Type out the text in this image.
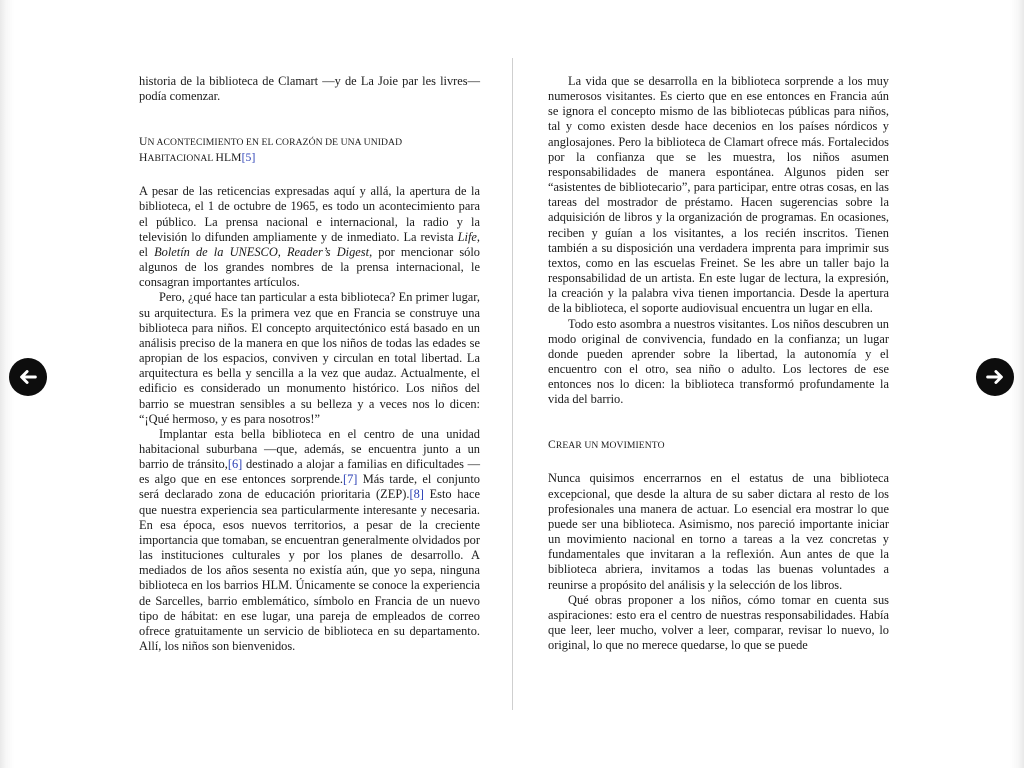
historia de la biblioteca de Clamart —y de La Joie par les livres— podía comenzar.

UN ACONTECIMIENTO EN EL CORAZÓN DE UNA UNIDAD
HABITACIONAL HLM[5]

A pesar de las reticencias expresadas aquí y allá, la apertura de la biblioteca, el 1 de octubre de 1965, es todo un acontecimiento para el público. La prensa nacional e internacional, la radio y la televisión lo difunden ampliamente y de inmediato. La revista Life, el Boletín de la UNESCO, Reader’s Digest, por mencionar sólo algunos de los grandes nombres de la prensa internacional, le consagran importantes artículos.

Pero, ¿qué hace tan particular a esta biblioteca? En primer lugar, su arquitectura. Es la primera vez que en Francia se construye una biblioteca para niños. El concepto arquitectónico está basado en un análisis preciso de la manera en que los niños de todas las edades se apropian de los espacios, conviven y circulan en total libertad. La arquitectura es bella y sencilla a la vez que audaz. Actualmente, el edificio es considerado un monumento histórico. Los niños del barrio se muestran sensibles a su belleza y a veces nos lo dicen: “¡Qué hermoso, y es para nosotros!”

Implantar esta bella biblioteca en el centro de una unidad habitacional suburbana —que, además, se encuentra junto a un barrio de tránsito,[6] destinado a alojar a familias en dificultades — es algo que en ese entonces sorprende.[7] Más tarde, el conjunto será declarado zona de educación prioritaria (ZEP).[8] Esto hace que nuestra experiencia sea particularmente interesante y necesaria. En esa época, esos nuevos territorios, a pesar de la creciente importancia que tomaban, se encuentran generalmente olvidados por las instituciones culturales y por los planes de desarrollo. A mediados de los años sesenta no existía aún, que yo sepa, ninguna biblioteca en los barrios HLM. Únicamente se conoce la experiencia de Sarcelles, barrio emblemático, símbolo en Francia de un nuevo tipo de hábitat: en ese lugar, una pareja de empleados de correo ofrece gratuitamente un servicio de biblioteca en su departamento. Allí, los niños son bienvenidos.

La vida que se desarrolla en la biblioteca sorprende a los muy numerosos visitantes. Es cierto que en ese entonces en Francia aún se ignora el concepto mismo de las bibliotecas públicas para niños, tal y como existen desde hace decenios en los países nórdicos y anglosajones. Pero la biblioteca de Clamart ofrece más. Fortalecidos por la confianza que se les muestra, los niños asumen responsabilidades de manera espontánea. Algunos piden ser “asistentes de bibliotecario”, para participar, entre otras cosas, en las tareas del mostrador de préstamo. Hacen sugerencias sobre la adquisición de libros y la organización de programas. En ocasiones, reciben y guían a los visitantes, a los recién inscritos. Tienen también a su disposición una verdadera imprenta para imprimir sus textos, como en las escuelas Freinet. Se les abre un taller bajo la responsabilidad de un artista. En este lugar de lectura, la expresión, la creación y la palabra viva tienen importancia. Desde la apertura de la biblioteca, el soporte audiovisual encuentra un lugar en ella.

Todo esto asombra a nuestros visitantes. Los niños descubren un modo original de convivencia, fundado en la confianza; un lugar donde pueden aprender sobre la libertad, la autonomía y el encuentro con el otro, sea niño o adulto. Los lectores de ese entonces nos lo dicen: la biblioteca transformó profundamente la vida del barrio.

CREAR UN MOVIMIENTO

Nunca quisimos encerrarnos en el estatus de una biblioteca excepcional, que desde la altura de su saber dictara al resto de los profesionales una manera de actuar. Lo esencial era mostrar lo que puede ser una biblioteca. Asimismo, nos pareció importante iniciar un movimiento nacional en torno a tareas a la vez concretas y fundamentales que invitaran a la reflexión. Aun antes de que la biblioteca abriera, invitamos a todas las buenas voluntades a reunirse a propósito del análisis y la selección de los libros.

Qué obras proponer a los niños, cómo tomar en cuenta sus aspiraciones: esto era el centro de nuestras responsabilidades. Había que leer, leer mucho, volver a leer, comparar, revisar lo nuevo, lo original, lo que no merece quedarse, lo que se puede
